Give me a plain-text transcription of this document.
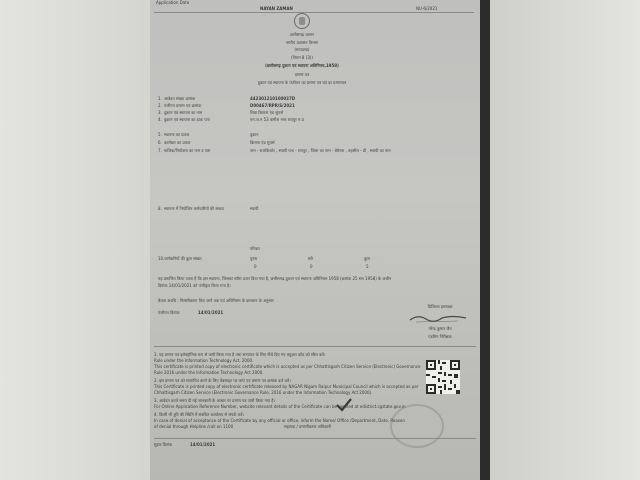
Application Date
NAYAN ZAMAN	NU-6/2021
छत्तीसगढ़ शासन
नगरीय प्रशासन विभाग
(मापदण्ड)
(नियम 8 (3))
(छत्तीसगढ़ दुकान एवं स्थापना अधिनियम,1958)
प्रमाण पत्र
दुकान एवं स्थापना के पंजीयन का प्रमाण पत्र एवं दर प्रमाणपत्र
1. आवेदन संख्या क्रमांक	442301210100037D
2. पंजीयन प्रमाण पत्र क्रमांक	D00467/RPR/S/2021
3. दुकान एवं स्थापना का नाम	शिवा किराना एंड सुपर्स
4. दुकान एवं स्थापना का डाक पता	एम.ज.न 53 कमीश नगर रायपुर म.प्र
5. स्थापना का प्रकार	दुकान
6. कारोबार का प्रकार	किराना एंड सुपर्स
7. मालिक/नियोक्ता का नाम व पता	नाम - राजकिशोर , स्थायी पता - रायपुर , जिला का नाम - बेमेतरा , तहसील - डी , स्थायी का नाम
8. स्थापना में नियोजित कर्मचारियों की संख्या	स्थायी
परिवार
10.कर्मचारियों की कुल संख्या	पुरुष	स्त्री	कुल
0	0	5
यह प्रमाणित किया जाता है कि इस स्थापना, जिसका ब्यौरा ऊपर दिया गया है, छत्तीसगढ़ दुकान एवं स्थापना अधिनियम 1958 (क्रमांक 25 सन 1958) के अधीन
दिनांक 14/01/2021 को पंजीकृत किया गया है।
वैधता अवधि : निरस्तीकरण किए जाने तक एवं अधिनियम के प्रावधान के अनुसार
पंजीयन दिनांक	14/01/2021
डिजिटल हस्ताक्षर
नरेन्द्र कुमार जैन
एडमिन निरीक्षक
1. यह प्रमाण पत्र इलेक्ट्रॉनिक रूप से जारी किया गया है तथा सत्यापन के लिए नीचे दिए गए क्यूआर कोड को स्कैन करें।
Rule under the Information Technology Act, 2000.
This certificate is printed copy of electronic certificate which is accepted as per Chhattisgarh Citizen Service (Electronic) Governance
Rule 2016 under the Information Technology Act 2000.
2. इस प्रमाण पत्र को सत्यापित करने के लिए वेबसाइट पर जाएं एवं प्रमाण पत्र क्रमांक दर्ज करें।
This Certificate is printed copy of electronic certificate released by NAGAR Nigam Raipur Municipal Council which is accepted as per
Chhattisgarh Citizen Service (Electronic Governance Rule, 2016 under the Information Technology Act 2000).
3. आवेदन करते समय दी गई जानकारी के आधार पर प्रमाण पत्र जारी किया गया है।
For Online Application Reference Number, website relevant details of the Certificate can be verified at edistrict.cgstate.gov.in
4. किसी भी त्रुटि की स्थिति में संबंधित कार्यालय से संपर्क करें।
In case of denial of acceptance of the Certificate by any official or office, inform the Name/ Office /Department, Date, Reason
of denial through Helpline /call on 1100
मुद्रण दिनांक	14/01/2021
सहायक / प्रमाणीकरण अधिकारी
